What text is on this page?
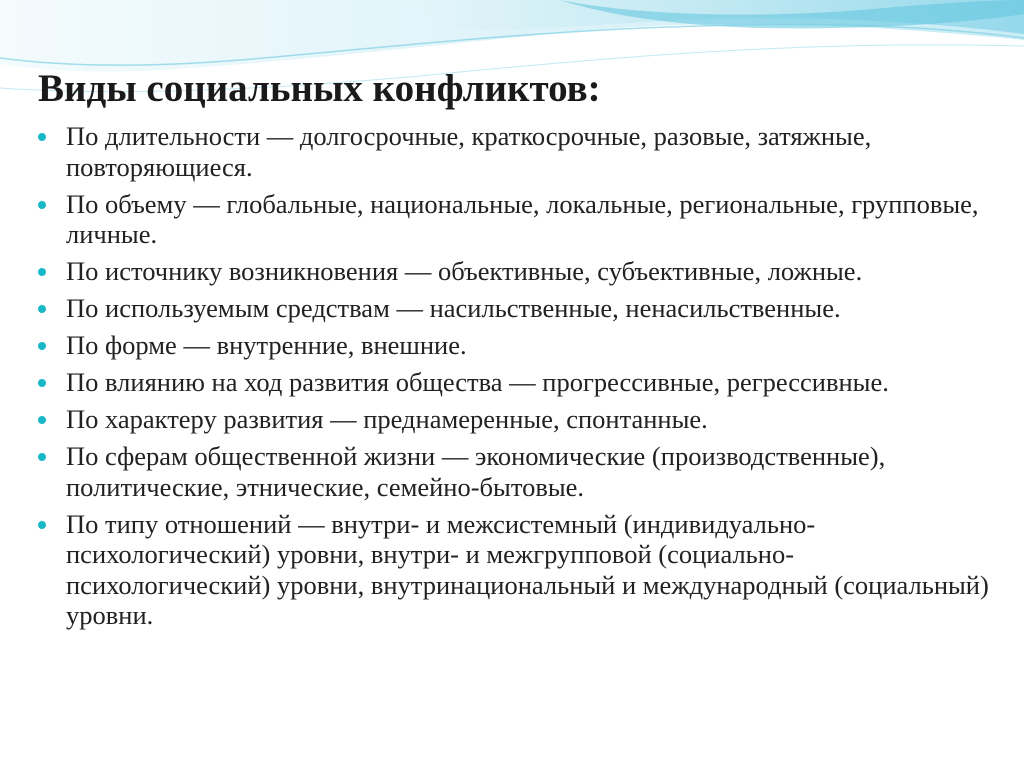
Виды социальных конфликтов:
По длительности — долгосрочные, краткосрочные, разовые, затяжные, повторяющиеся.
По объему — глобальные, национальные, локальные, региональные, групповые, личные.
По источнику возникновения — объективные, субъективные, ложные.
По используемым средствам — насильственные, ненасильственные.
По форме — внутренние, внешние.
По влиянию на ход развития общества — прогрессивные, регрессивные.
По характеру развития — преднамеренные, спонтанные.
По сферам общественной жизни — экономические (производственные), политические, этнические, семейно-бытовые.
По типу отношений — внутри- и межсистемный (индивидуально-психологический) уровни, внутри- и межгрупповой (социально-психологический) уровни, внутринациональный и международный (социальный) уровни.
